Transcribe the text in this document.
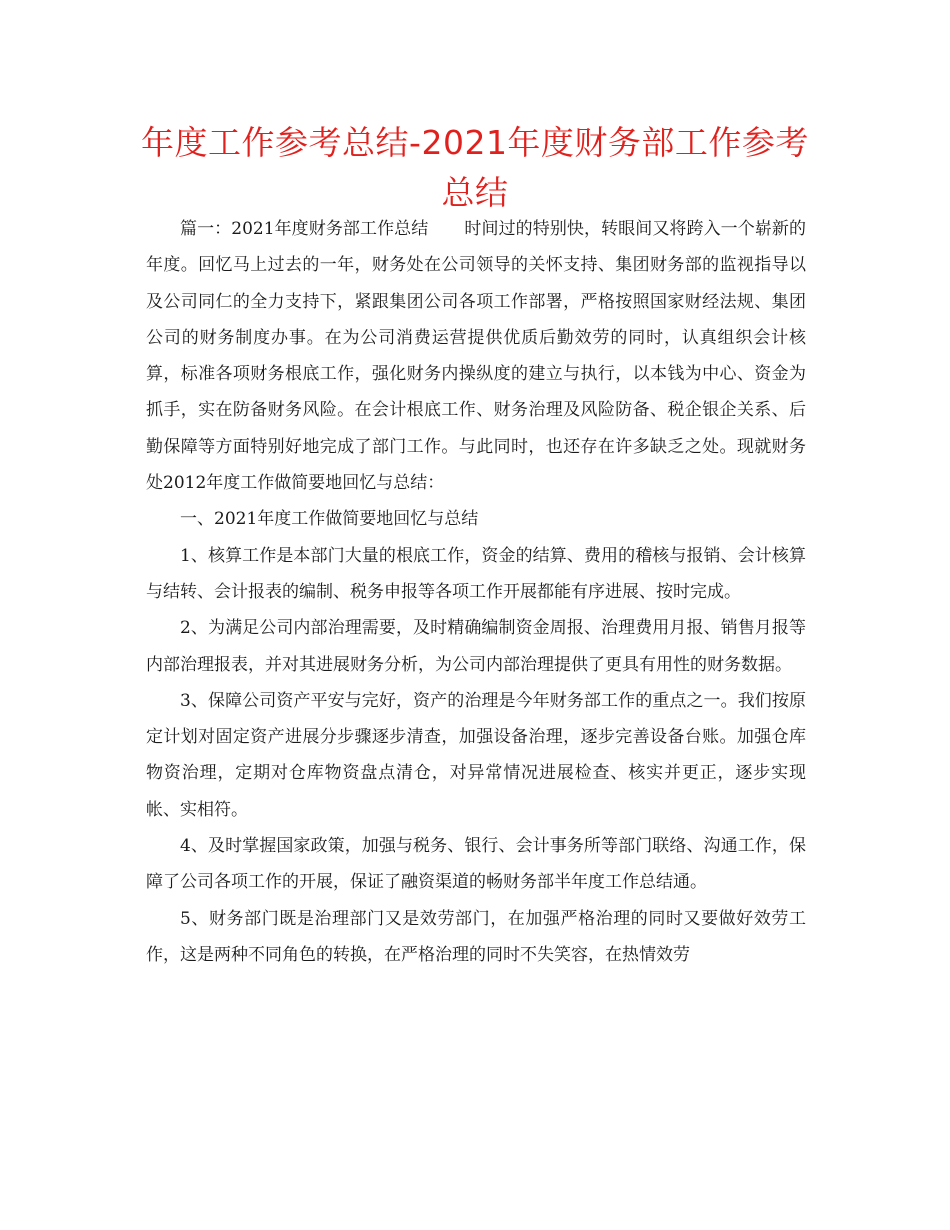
年度工作参考总结-2021年度财务部工作参考总结

篇一：2021年度财务部工作总结 时间过的特别快，转眼间又将跨入一个崭新的年度。回忆马上过去的一年，财务处在公司领导的关怀支持、集团财务部的监视指导以及公司同仁的全力支持下，紧跟集团公司各项工作部署，严格按照国家财经法规、集团公司的财务制度办事。在为公司消费运营提供优质后勤效劳的同时，认真组织会计核算，标准各项财务根底工作，强化财务内操纵度的建立与执行，以本钱为中心、资金为抓手，实在防备财务风险。在会计根底工作、财务治理及风险防备、税企银企关系、后勤保障等方面特别好地完成了部门工作。与此同时，也还存在许多缺乏之处。现就财务处2012年度工作做简要地回忆与总结：

一、2021年度工作做简要地回忆与总结

1、核算工作是本部门大量的根底工作，资金的结算、费用的稽核与报销、会计核算与结转、会计报表的编制、税务申报等各项工作开展都能有序进展、按时完成。

2、为满足公司内部治理需要，及时精确编制资金周报、治理费用月报、销售月报等内部治理报表，并对其进展财务分析，为公司内部治理提供了更具有用性的财务数据。

3、保障公司资产平安与完好，资产的治理是今年财务部工作的重点之一。我们按原定计划对固定资产进展分步骤逐步清查，加强设备治理，逐步完善设备台账。加强仓库物资治理，定期对仓库物资盘点清仓，对异常情况进展检查、核实并更正，逐步实现帐、实相符。

4、及时掌握国家政策，加强与税务、银行、会计事务所等部门联络、沟通工作，保障了公司各项工作的开展，保证了融资渠道的畅财务部半年度工作总结通。

5、财务部门既是治理部门又是效劳部门，在加强严格治理的同时又要做好效劳工作，这是两种不同角色的转换，在严格治理的同时不失笑容，在热情效劳
